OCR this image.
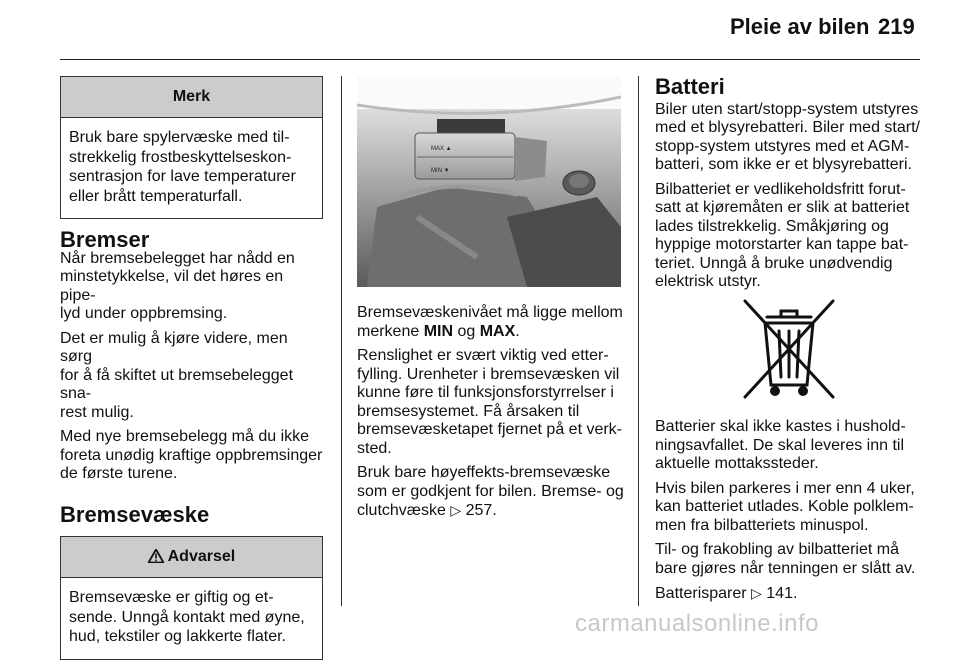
Pleie av bilen 219
Merk
Bruk bare spylervæske med til-
strekkelig frostbeskyttelseskon-
sentrasjon for lave temperaturer
eller brått temperaturfall.
Bremser

Når bremsebelegget har nådd en
minstetykkelse, vil det høres en pipe-
lyd under oppbremsing.

Det er mulig å kjøre videre, men sørg
for å få skiftet ut bremsebelegget sna-
rest mulig.

Med nye bremsebelegg må du ikke
foreta unødig kraftige oppbremsinger
de første turene.

Bremsevæske
Advarsel
Bremsevæske er giftig og et-
sende. Unngå kontakt med øyne,
hud, tekstiler og lakkerte flater.
MAX ▲
MIN ▼

Bremsevæskenivået må ligge mellom
merkene MIN og MAX.

Renslighet er svært viktig ved etter-
fylling. Urenheter i bremsevæsken vil
kunne føre til funksjonsforstyrrelser i
bremsesystemet. Få årsaken til
bremsevæsketapet fjernet på et verk-
sted.

Bruk bare høyeffekts-bremsevæske
som er godkjent for bilen. Bremse- og
clutchvæske ▷ 257.

Batteri

Biler uten start/stopp-system utstyres
med et blysyrebatteri. Biler med start/
stopp-system utstyres med et AGM-
batteri, som ikke er et blysyrebatteri.

Bilbatteriet er vedlikeholdsfritt forut-
satt at kjøremåten er slik at batteriet
lades tilstrekkelig. Småkjøring og
hyppige motorstarter kan tappe bat-
teriet. Unngå å bruke unødvendig
elektrisk utstyr.

Batterier skal ikke kastes i hushold-
ningsavfallet. De skal leveres inn til
aktuelle mottakssteder.

Hvis bilen parkeres i mer enn 4 uker,
kan batteriet utlades. Koble polklem-
men fra bilbatteriets minuspol.

Til- og frakobling av bilbatteriet må
bare gjøres når tenningen er slått av.

Batterisparer ▷ 141.

carmanualsonline.info
